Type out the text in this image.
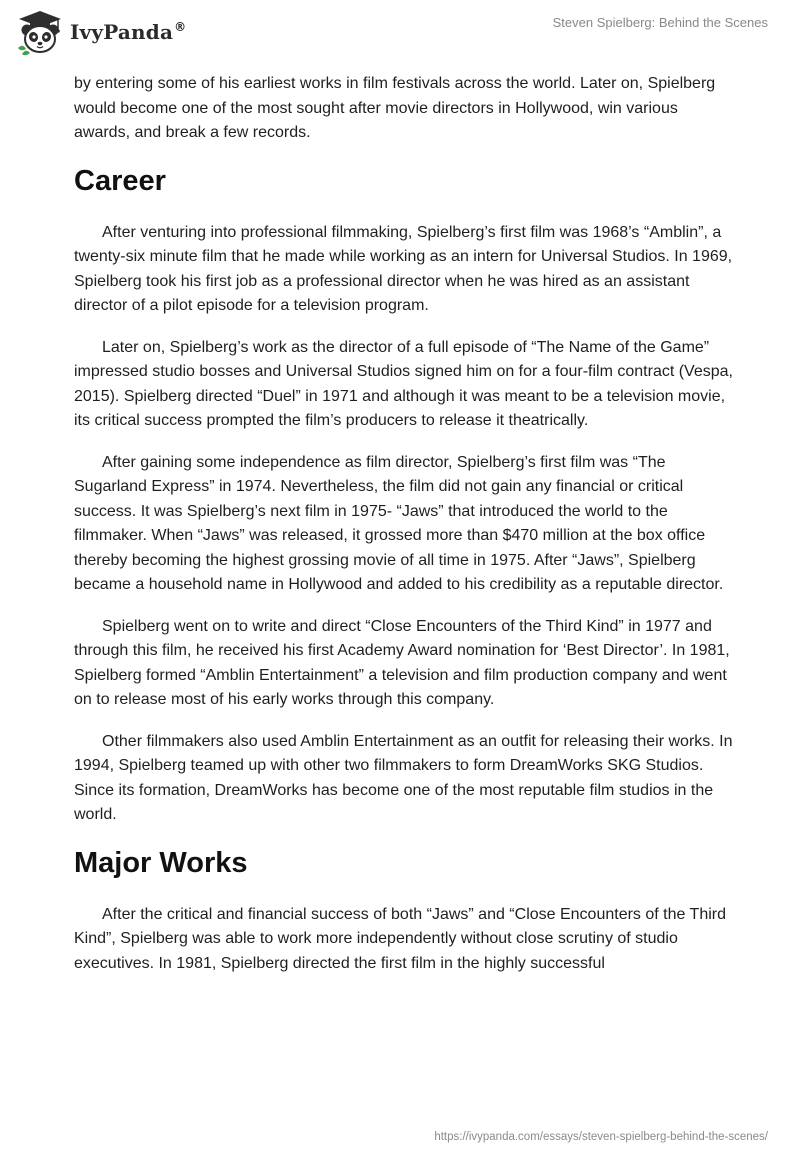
IvyPanda®	Steven Spielberg: Behind the Scenes

by entering some of his earliest works in film festivals across the world. Later on, Spielberg would become one of the most sought after movie directors in Hollywood, win various awards, and break a few records.

Career

After venturing into professional filmmaking, Spielberg’s first film was 1968’s “Amblin”, a twenty-six minute film that he made while working as an intern for Universal Studios. In 1969, Spielberg took his first job as a professional director when he was hired as an assistant director of a pilot episode for a television program.

Later on, Spielberg’s work as the director of a full episode of “The Name of the Game” impressed studio bosses and Universal Studios signed him on for a four-film contract (Vespa, 2015). Spielberg directed “Duel” in 1971 and although it was meant to be a television movie, its critical success prompted the film’s producers to release it theatrically.

After gaining some independence as film director, Spielberg’s first film was “The Sugarland Express” in 1974. Nevertheless, the film did not gain any financial or critical success. It was Spielberg’s next film in 1975- “Jaws” that introduced the world to the filmmaker. When “Jaws” was released, it grossed more than $470 million at the box office thereby becoming the highest grossing movie of all time in 1975. After “Jaws”, Spielberg became a household name in Hollywood and added to his credibility as a reputable director.

Spielberg went on to write and direct “Close Encounters of the Third Kind” in 1977 and through this film, he received his first Academy Award nomination for ‘Best Director’. In 1981, Spielberg formed “Amblin Entertainment” a television and film production company and went on to release most of his early works through this company.

Other filmmakers also used Amblin Entertainment as an outfit for releasing their works. In 1994, Spielberg teamed up with other two filmmakers to form DreamWorks SKG Studios. Since its formation, DreamWorks has become one of the most reputable film studios in the world.

Major Works

After the critical and financial success of both “Jaws” and “Close Encounters of the Third Kind”, Spielberg was able to work more independently without close scrutiny of studio executives. In 1981, Spielberg directed the first film in the highly successful

https://ivypanda.com/essays/steven-spielberg-behind-the-scenes/
